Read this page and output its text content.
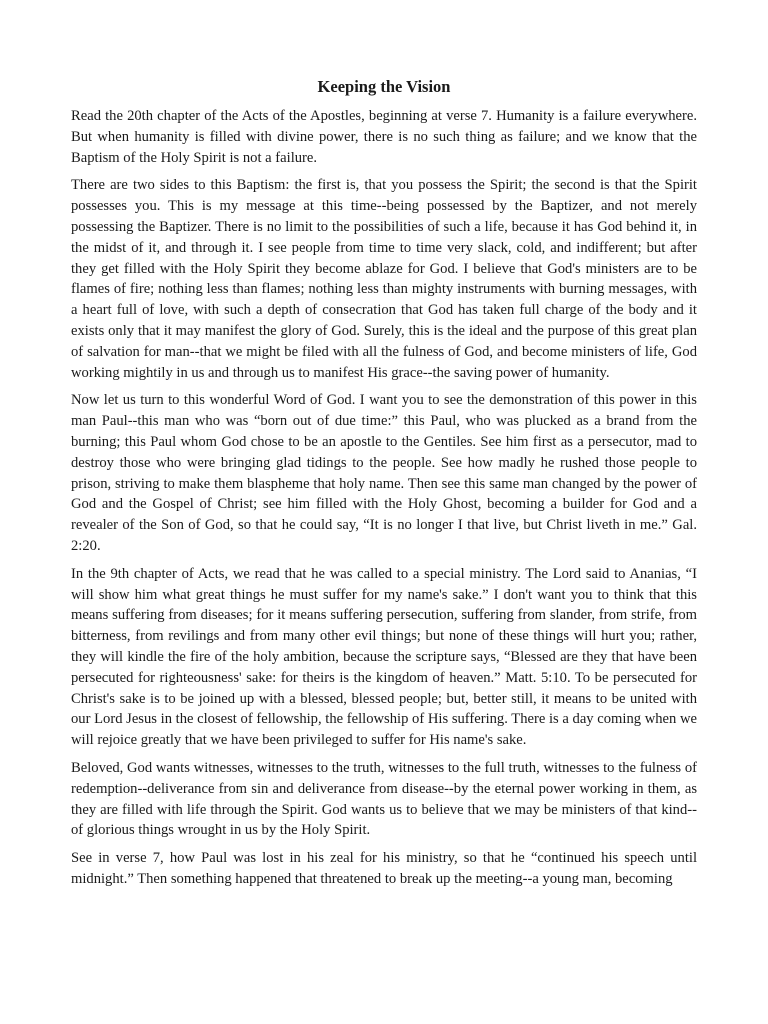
Keeping the Vision

Read the 20th chapter of the Acts of the Apostles, beginning at verse 7. Humanity is a failure everywhere. But when humanity is filled with divine power, there is no such thing as failure; and we know that the Baptism of the Holy Spirit is not a failure.

There are two sides to this Baptism: the first is, that you possess the Spirit; the second is that the Spirit possesses you. This is my message at this time--being possessed by the Baptizer, and not merely possessing the Baptizer. There is no limit to the possibilities of such a life, because it has God behind it, in the midst of it, and through it. I see people from time to time very slack, cold, and indifferent; but after they get filled with the Holy Spirit they become ablaze for God. I believe that God's ministers are to be flames of fire; nothing less than flames; nothing less than mighty instruments with burning messages, with a heart full of love, with such a depth of consecration that God has taken full charge of the body and it exists only that it may manifest the glory of God. Surely, this is the ideal and the purpose of this great plan of salvation for man--that we might be filed with all the fulness of God, and become ministers of life, God working mightily in us and through us to manifest His grace--the saving power of humanity.

Now let us turn to this wonderful Word of God. I want you to see the demonstration of this power in this man Paul--this man who was “born out of due time:” this Paul, who was plucked as a brand from the burning; this Paul whom God chose to be an apostle to the Gentiles. See him first as a persecutor, mad to destroy those who were bringing glad tidings to the people. See how madly he rushed those people to prison, striving to make them blaspheme that holy name. Then see this same man changed by the power of God and the Gospel of Christ; see him filled with the Holy Ghost, becoming a builder for God and a revealer of the Son of God, so that he could say, “It is no longer I that live, but Christ liveth in me.” Gal. 2:20.

In the 9th chapter of Acts, we read that he was called to a special ministry. The Lord said to Ananias, “I will show him what great things he must suffer for my name's sake.” I don't want you to think that this means suffering from diseases; for it means suffering persecution, suffering from slander, from strife, from bitterness, from revilings and from many other evil things; but none of these things will hurt you; rather, they will kindle the fire of the holy ambition, because the scripture says, “Blessed are they that have been persecuted for righteousness' sake: for theirs is the kingdom of heaven.” Matt. 5:10. To be persecuted for Christ's sake is to be joined up with a blessed, blessed people; but, better still, it means to be united with our Lord Jesus in the closest of fellowship, the fellowship of His suffering. There is a day coming when we will rejoice greatly that we have been privileged to suffer for His name's sake.

Beloved, God wants witnesses, witnesses to the truth, witnesses to the full truth, witnesses to the fulness of redemption--deliverance from sin and deliverance from disease--by the eternal power working in them, as they are filled with life through the Spirit. God wants us to believe that we may be ministers of that kind--of glorious things wrought in us by the Holy Spirit.

See in verse 7, how Paul was lost in his zeal for his ministry, so that he “continued his speech until midnight.” Then something happened that threatened to break up the meeting--a young man, becoming
